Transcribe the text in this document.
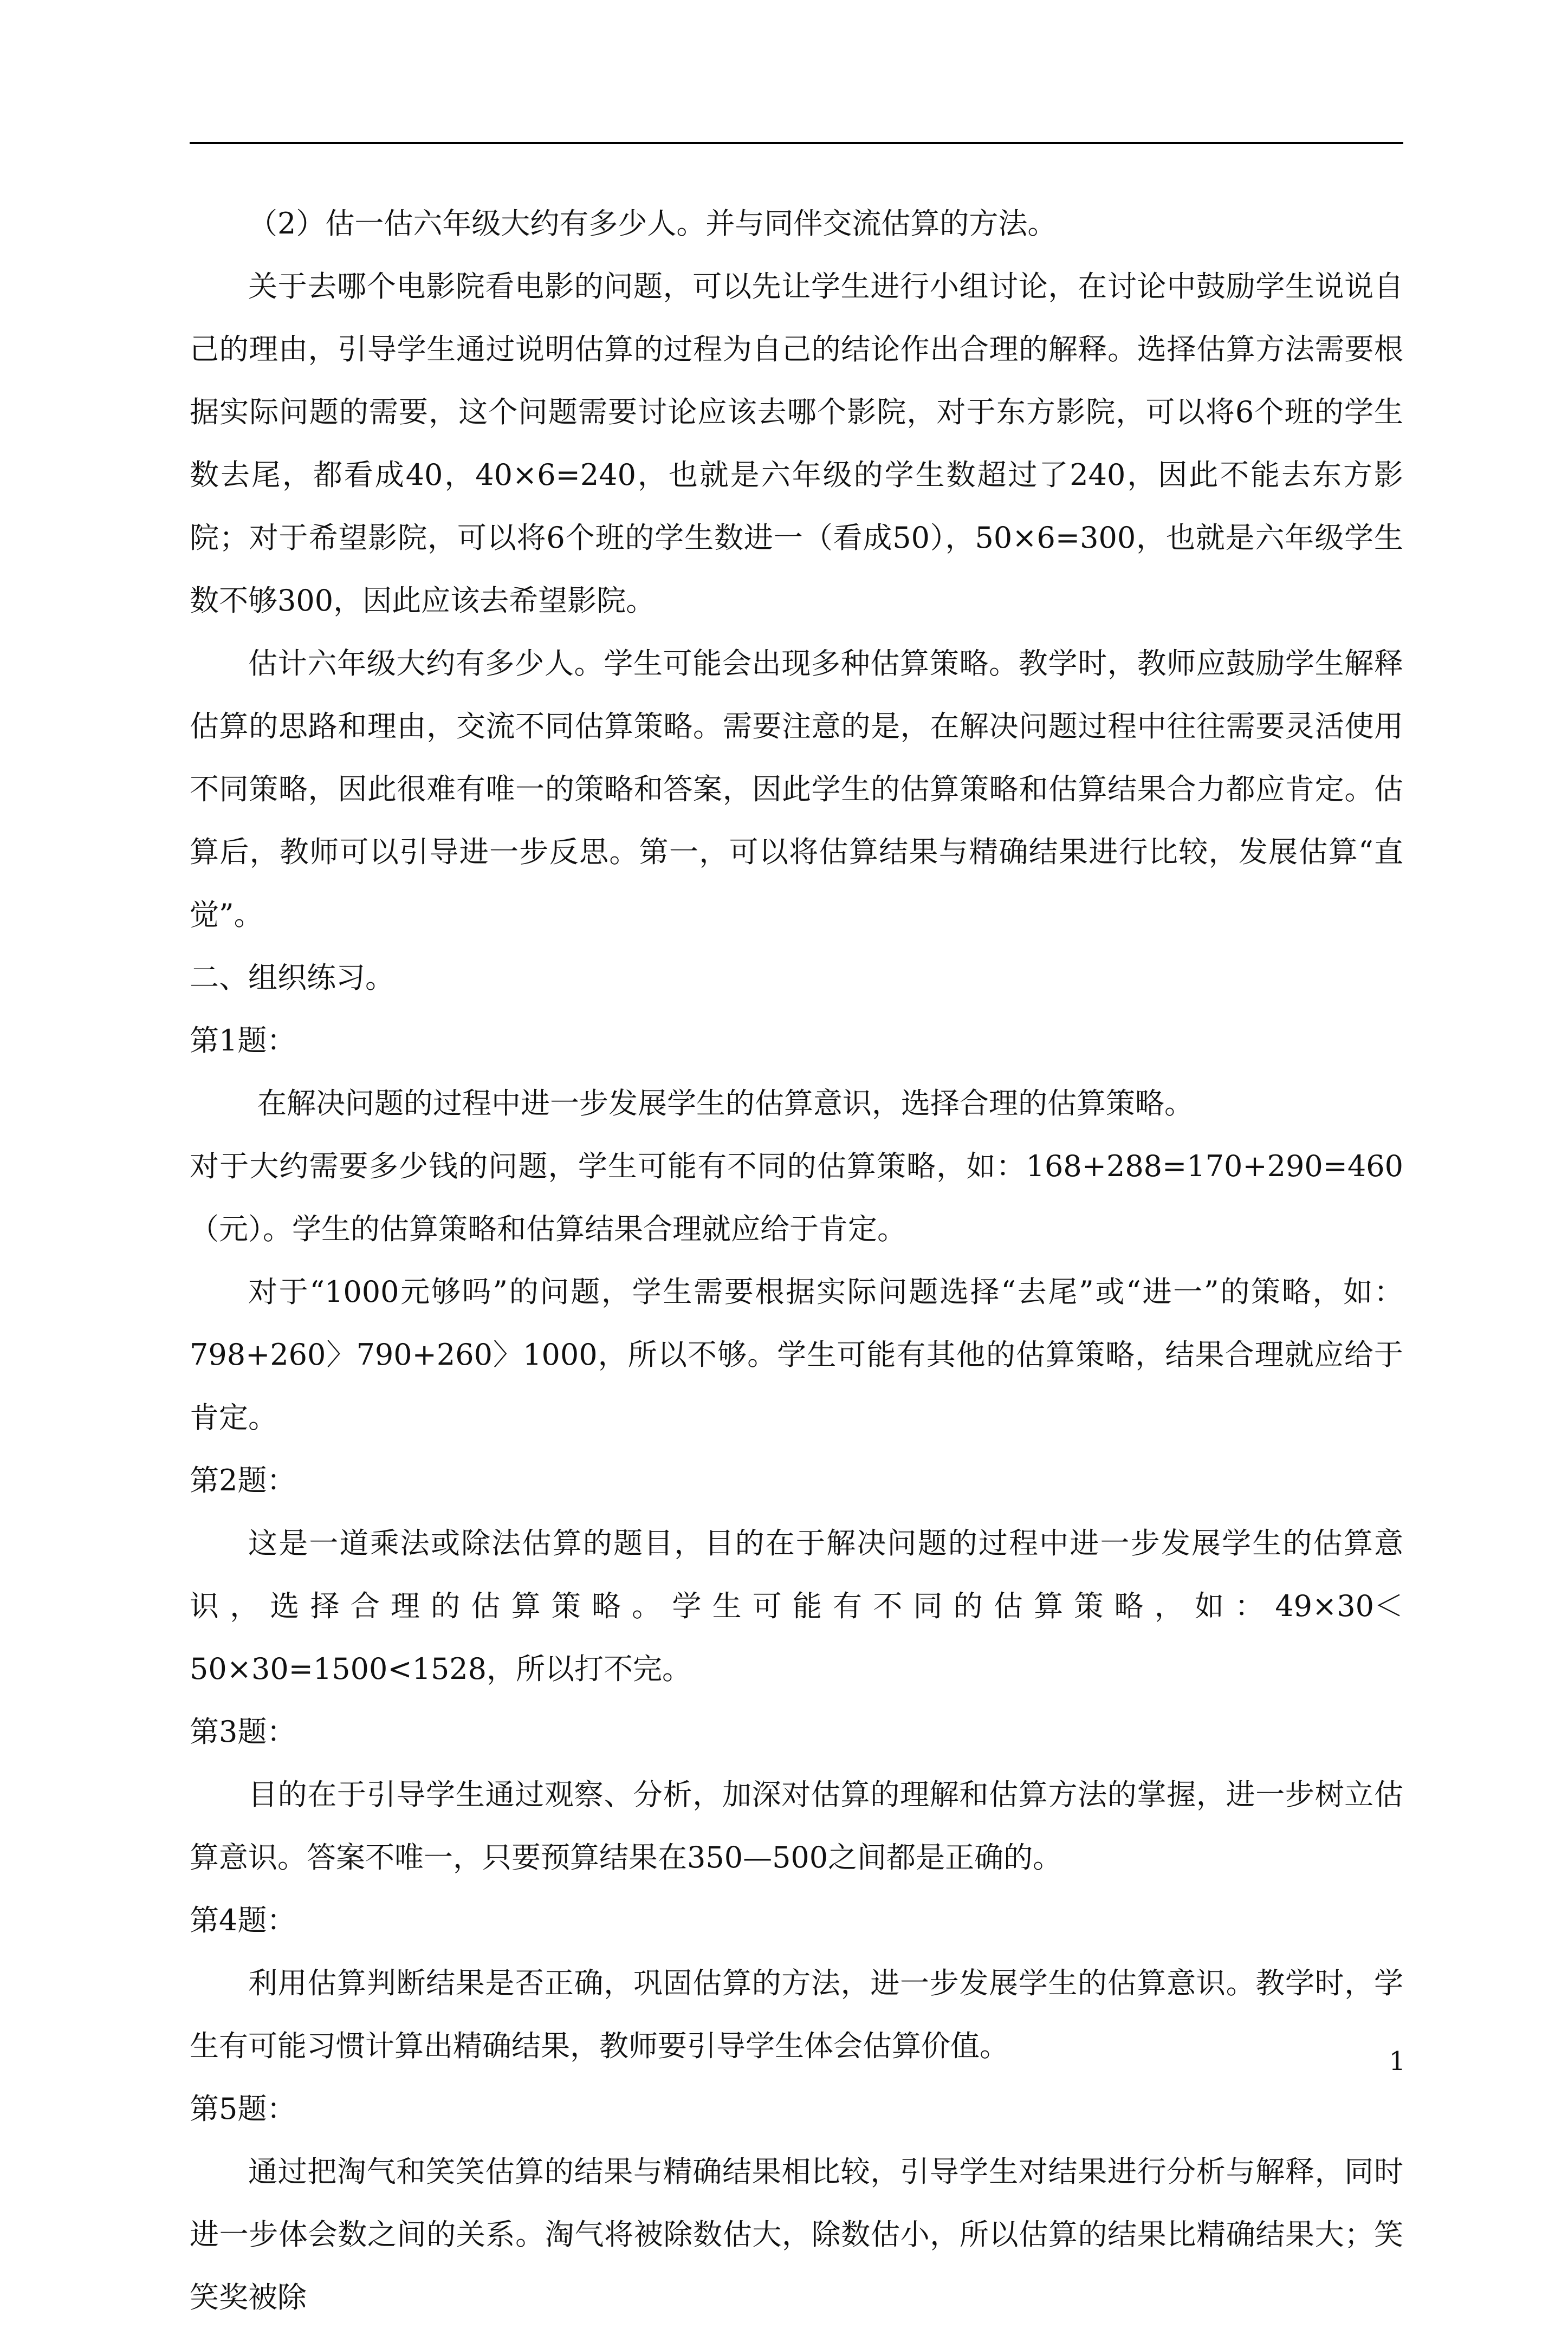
（2）估一估六年级大约有多少人。并与同伴交流估算的方法。

关于去哪个电影院看电影的问题，可以先让学生进行小组讨论，在讨论中鼓励学生说说自己的理由，引导学生通过说明估算的过程为自己的结论作出合理的解释。选择估算方法需要根据实际问题的需要，这个问题需要讨论应该去哪个影院，对于东方影院，可以将6个班的学生数去尾，都看成40，40×6=240，也就是六年级的学生数超过了240，因此不能去东方影院；对于希望影院，可以将6个班的学生数进一（看成50），50×6=300，也就是六年级学生数不够300，因此应该去希望影院。

估计六年级大约有多少人。学生可能会出现多种估算策略。教学时，教师应鼓励学生解释估算的思路和理由，交流不同估算策略。需要注意的是，在解决问题过程中往往需要灵活使用不同策略，因此很难有唯一的策略和答案，因此学生的估算策略和估算结果合力都应肯定。估算后，教师可以引导进一步反思。第一，可以将估算结果与精确结果进行比较，发展估算“直觉”。

二、组织练习。

第1题：

在解决问题的过程中进一步发展学生的估算意识，选择合理的估算策略。

对于大约需要多少钱的问题，学生可能有不同的估算策略，如：168+288=170+290=460（元）。学生的估算策略和估算结果合理就应给于肯定。

对于“1000元够吗”的问题，学生需要根据实际问题选择“去尾”或“进一”的策略，如：798+260〉790+260〉1000，所以不够。学生可能有其他的估算策略，结果合理就应给于肯定。

第2题：

这是一道乘法或除法估算的题目，目的在于解决问题的过程中进一步发展学生的估算意识，选择合理的估算策略。学生可能有不同的估算策略，如：49×30＜50×30=1500<1528，所以打不完。

第3题：

目的在于引导学生通过观察、分析，加深对估算的理解和估算方法的掌握，进一步树立估算意识。答案不唯一，只要预算结果在350—500之间都是正确的。

第4题：

利用估算判断结果是否正确，巩固估算的方法，进一步发展学生的估算意识。教学时，学生有可能习惯计算出精确结果，教师要引导学生体会估算价值。

第5题：

通过把淘气和笑笑估算的结果与精确结果相比较，引导学生对结果进行分析与解释，同时进一步体会数之间的关系。淘气将被除数估大，除数估小，所以估算的结果比精确结果大；笑笑奖被除

1
